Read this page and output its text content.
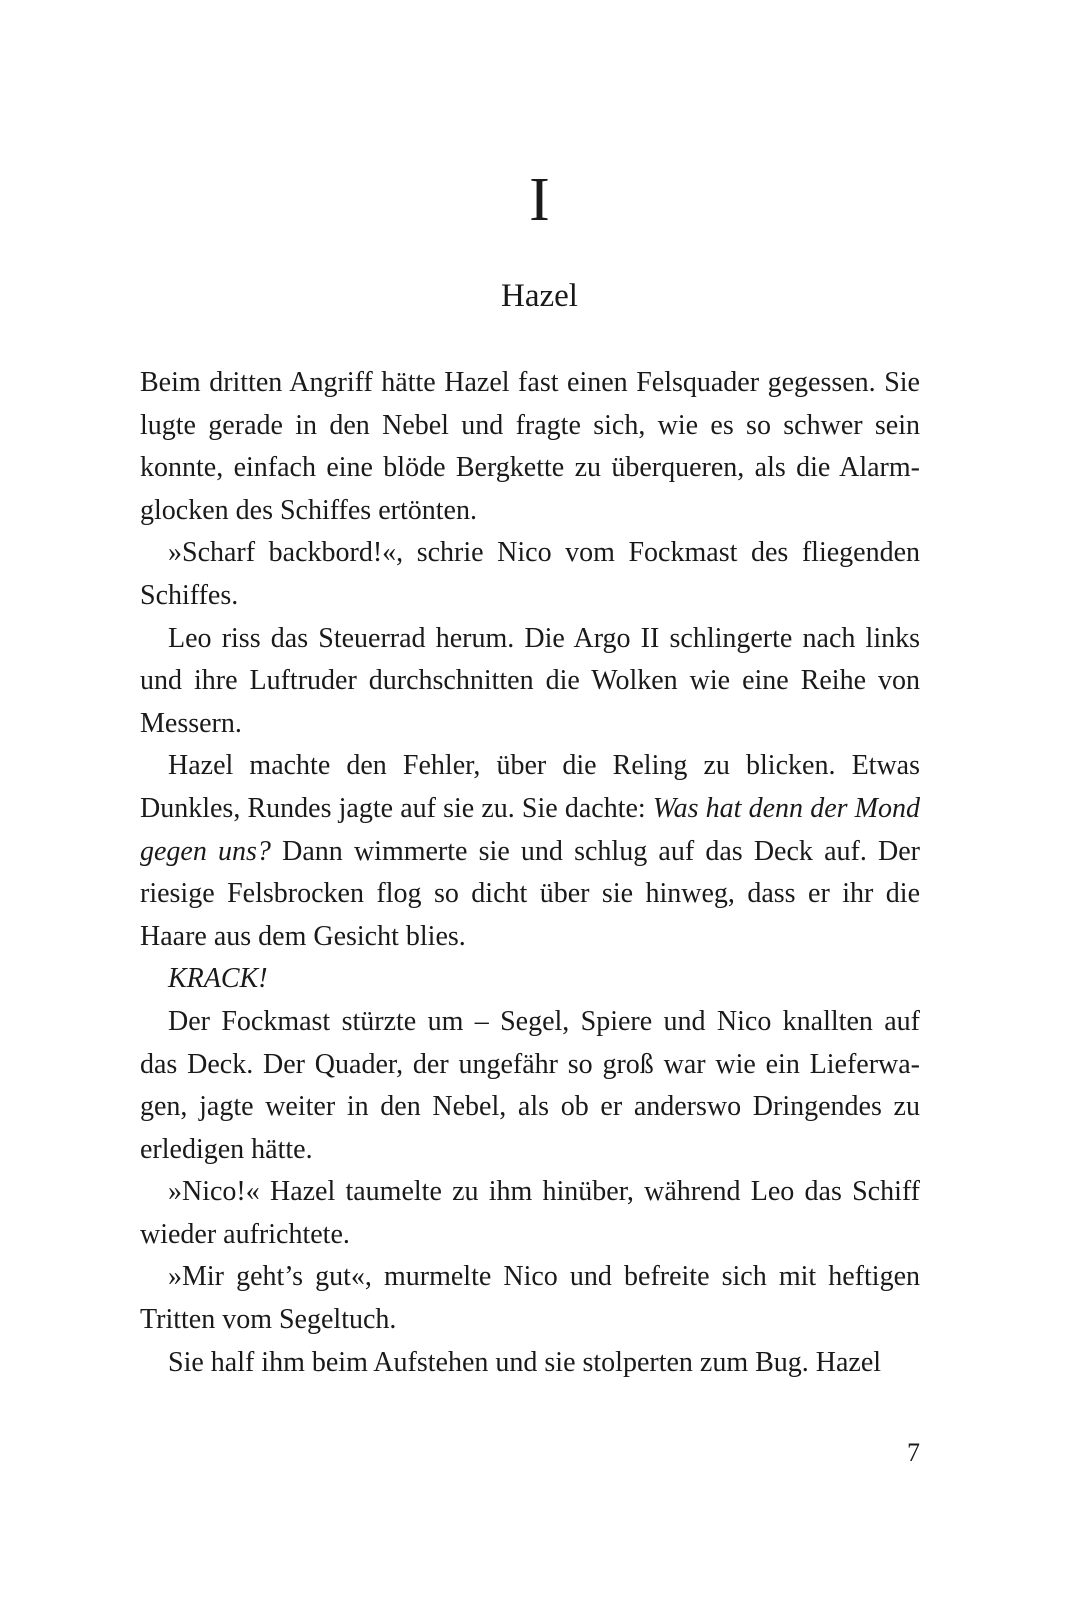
I
Hazel

Beim dritten Angriff hätte Hazel fast einen Felsquader gegessen. Sie lugte gerade in den Nebel und fragte sich, wie es so schwer sein konnte, einfach eine blöde Bergkette zu überqueren, als die Alarmglocken des Schiffes ertönten.

»Scharf backbord!«, schrie Nico vom Fockmast des fliegenden Schiffes.

Leo riss das Steuerrad herum. Die Argo II schlingerte nach links und ihre Luftruder durchschnitten die Wolken wie eine Reihe von Messern.

Hazel machte den Fehler, über die Reling zu blicken. Etwas Dunkles, Rundes jagte auf sie zu. Sie dachte: Was hat denn der Mond gegen uns? Dann wimmerte sie und schlug auf das Deck auf. Der riesige Felsbrocken flog so dicht über sie hinweg, dass er ihr die Haare aus dem Gesicht blies.

KRACK!

Der Fockmast stürzte um – Segel, Spiere und Nico knallten auf das Deck. Der Quader, der ungefähr so groß war wie ein Lieferwagen, jagte weiter in den Nebel, als ob er anderswo Dringendes zu erledigen hätte.

»Nico!« Hazel taumelte zu ihm hinüber, während Leo das Schiff wieder aufrichtete.

»Mir geht’s gut«, murmelte Nico und befreite sich mit heftigen Tritten vom Segeltuch.

Sie half ihm beim Aufstehen und sie stolperten zum Bug. Hazel

7
